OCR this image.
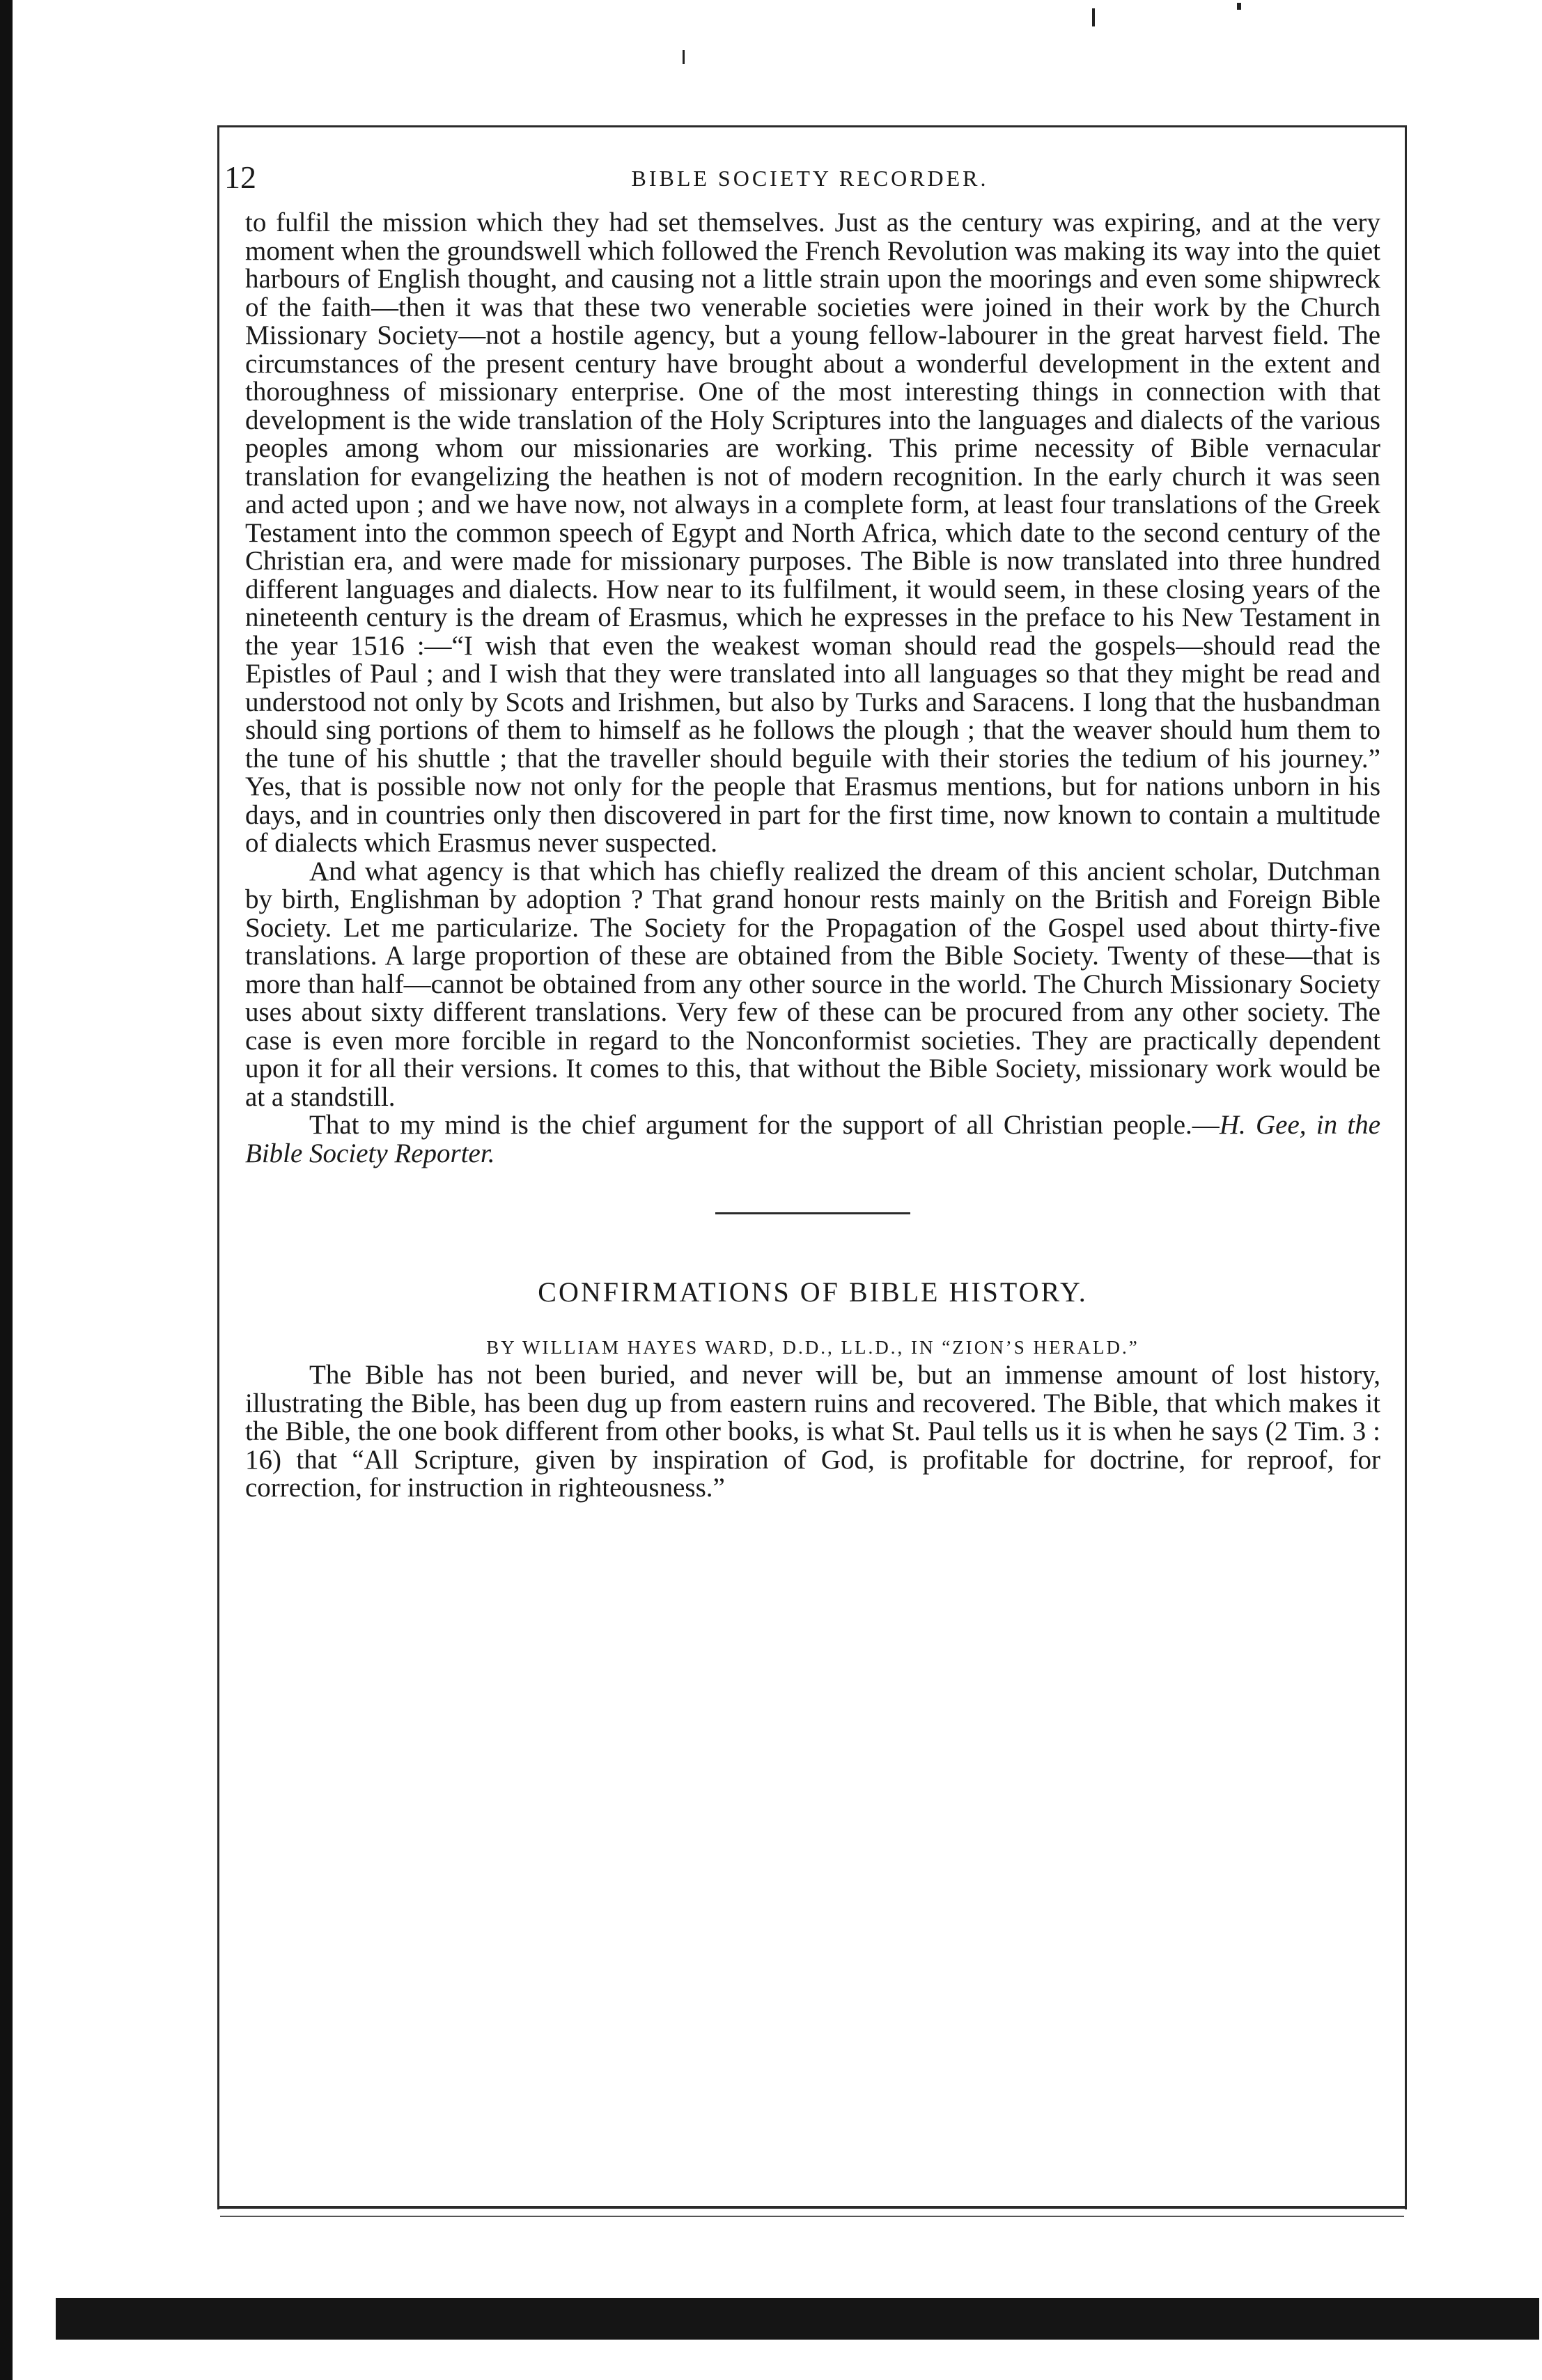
12	BIBLE SOCIETY RECORDER.

to fulfil the mission which they had set themselves. Just as the century was expiring, and at the very moment when the groundswell which followed the French Revolution was making its way into the quiet harbours of English thought, and causing not a little strain upon the moorings and even some shipwreck of the faith—then it was that these two venerable societies were joined in their work by the Church Missionary Society—not a hostile agency, but a young fellow-labourer in the great harvest field. The circumstances of the present century have brought about a wonderful development in the extent and thoroughness of missionary enterprise. One of the most interesting things in connection with that development is the wide translation of the Holy Scriptures into the languages and dialects of the various peoples among whom our missionaries are working. This prime necessity of Bible vernacular translation for evangelizing the heathen is not of modern recognition. In the early church it was seen and acted upon ; and we have now, not always in a complete form, at least four translations of the Greek Testament into the common speech of Egypt and North Africa, which date to the second century of the Christian era, and were made for missionary purposes. The Bible is now translated into three hundred different languages and dialects. How near to its fulfilment, it would seem, in these closing years of the nineteenth century is the dream of Erasmus, which he expresses in the preface to his New Testament in the year 1516 :—“I wish that even the weakest woman should read the gospels—should read the Epistles of Paul ; and I wish that they were translated into all languages so that they might be read and understood not only by Scots and Irishmen, but also by Turks and Saracens. I long that the husbandman should sing portions of them to himself as he follows the plough ; that the weaver should hum them to the tune of his shuttle ; that the traveller should beguile with their stories the tedium of his journey.” Yes, that is possible now not only for the people that Erasmus mentions, but for nations unborn in his days, and in countries only then discovered in part for the first time, now known to contain a multitude of dialects which Erasmus never suspected.

And what agency is that which has chiefly realized the dream of this ancient scholar, Dutchman by birth, Englishman by adoption ? That grand honour rests mainly on the British and Foreign Bible Society. Let me particularize. The Society for the Propagation of the Gospel used about thirty-five translations. A large proportion of these are obtained from the Bible Society. Twenty of these—that is more than half—cannot be obtained from any other source in the world. The Church Missionary Society uses about sixty different translations. Very few of these can be procured from any other society. The case is even more forcible in regard to the Nonconformist societies. They are practically dependent upon it for all their versions. It comes to this, that without the Bible Society, missionary work would be at a standstill.

That to my mind is the chief argument for the support of all Christian people.—H. Gee, in the Bible Society Reporter.

CONFIRMATIONS OF BIBLE HISTORY.
BY WILLIAM HAYES WARD, D.D., LL.D., IN “ZION’S HERALD.”

The Bible has not been buried, and never will be, but an immense amount of lost history, illustrating the Bible, has been dug up from eastern ruins and recovered. The Bible, that which makes it the Bible, the one book different from other books, is what St. Paul tells us it is when he says (2 Tim. 3 : 16) that “All Scripture, given by inspiration of God, is profitable for doctrine, for reproof, for correction, for instruction in righteousness.”
